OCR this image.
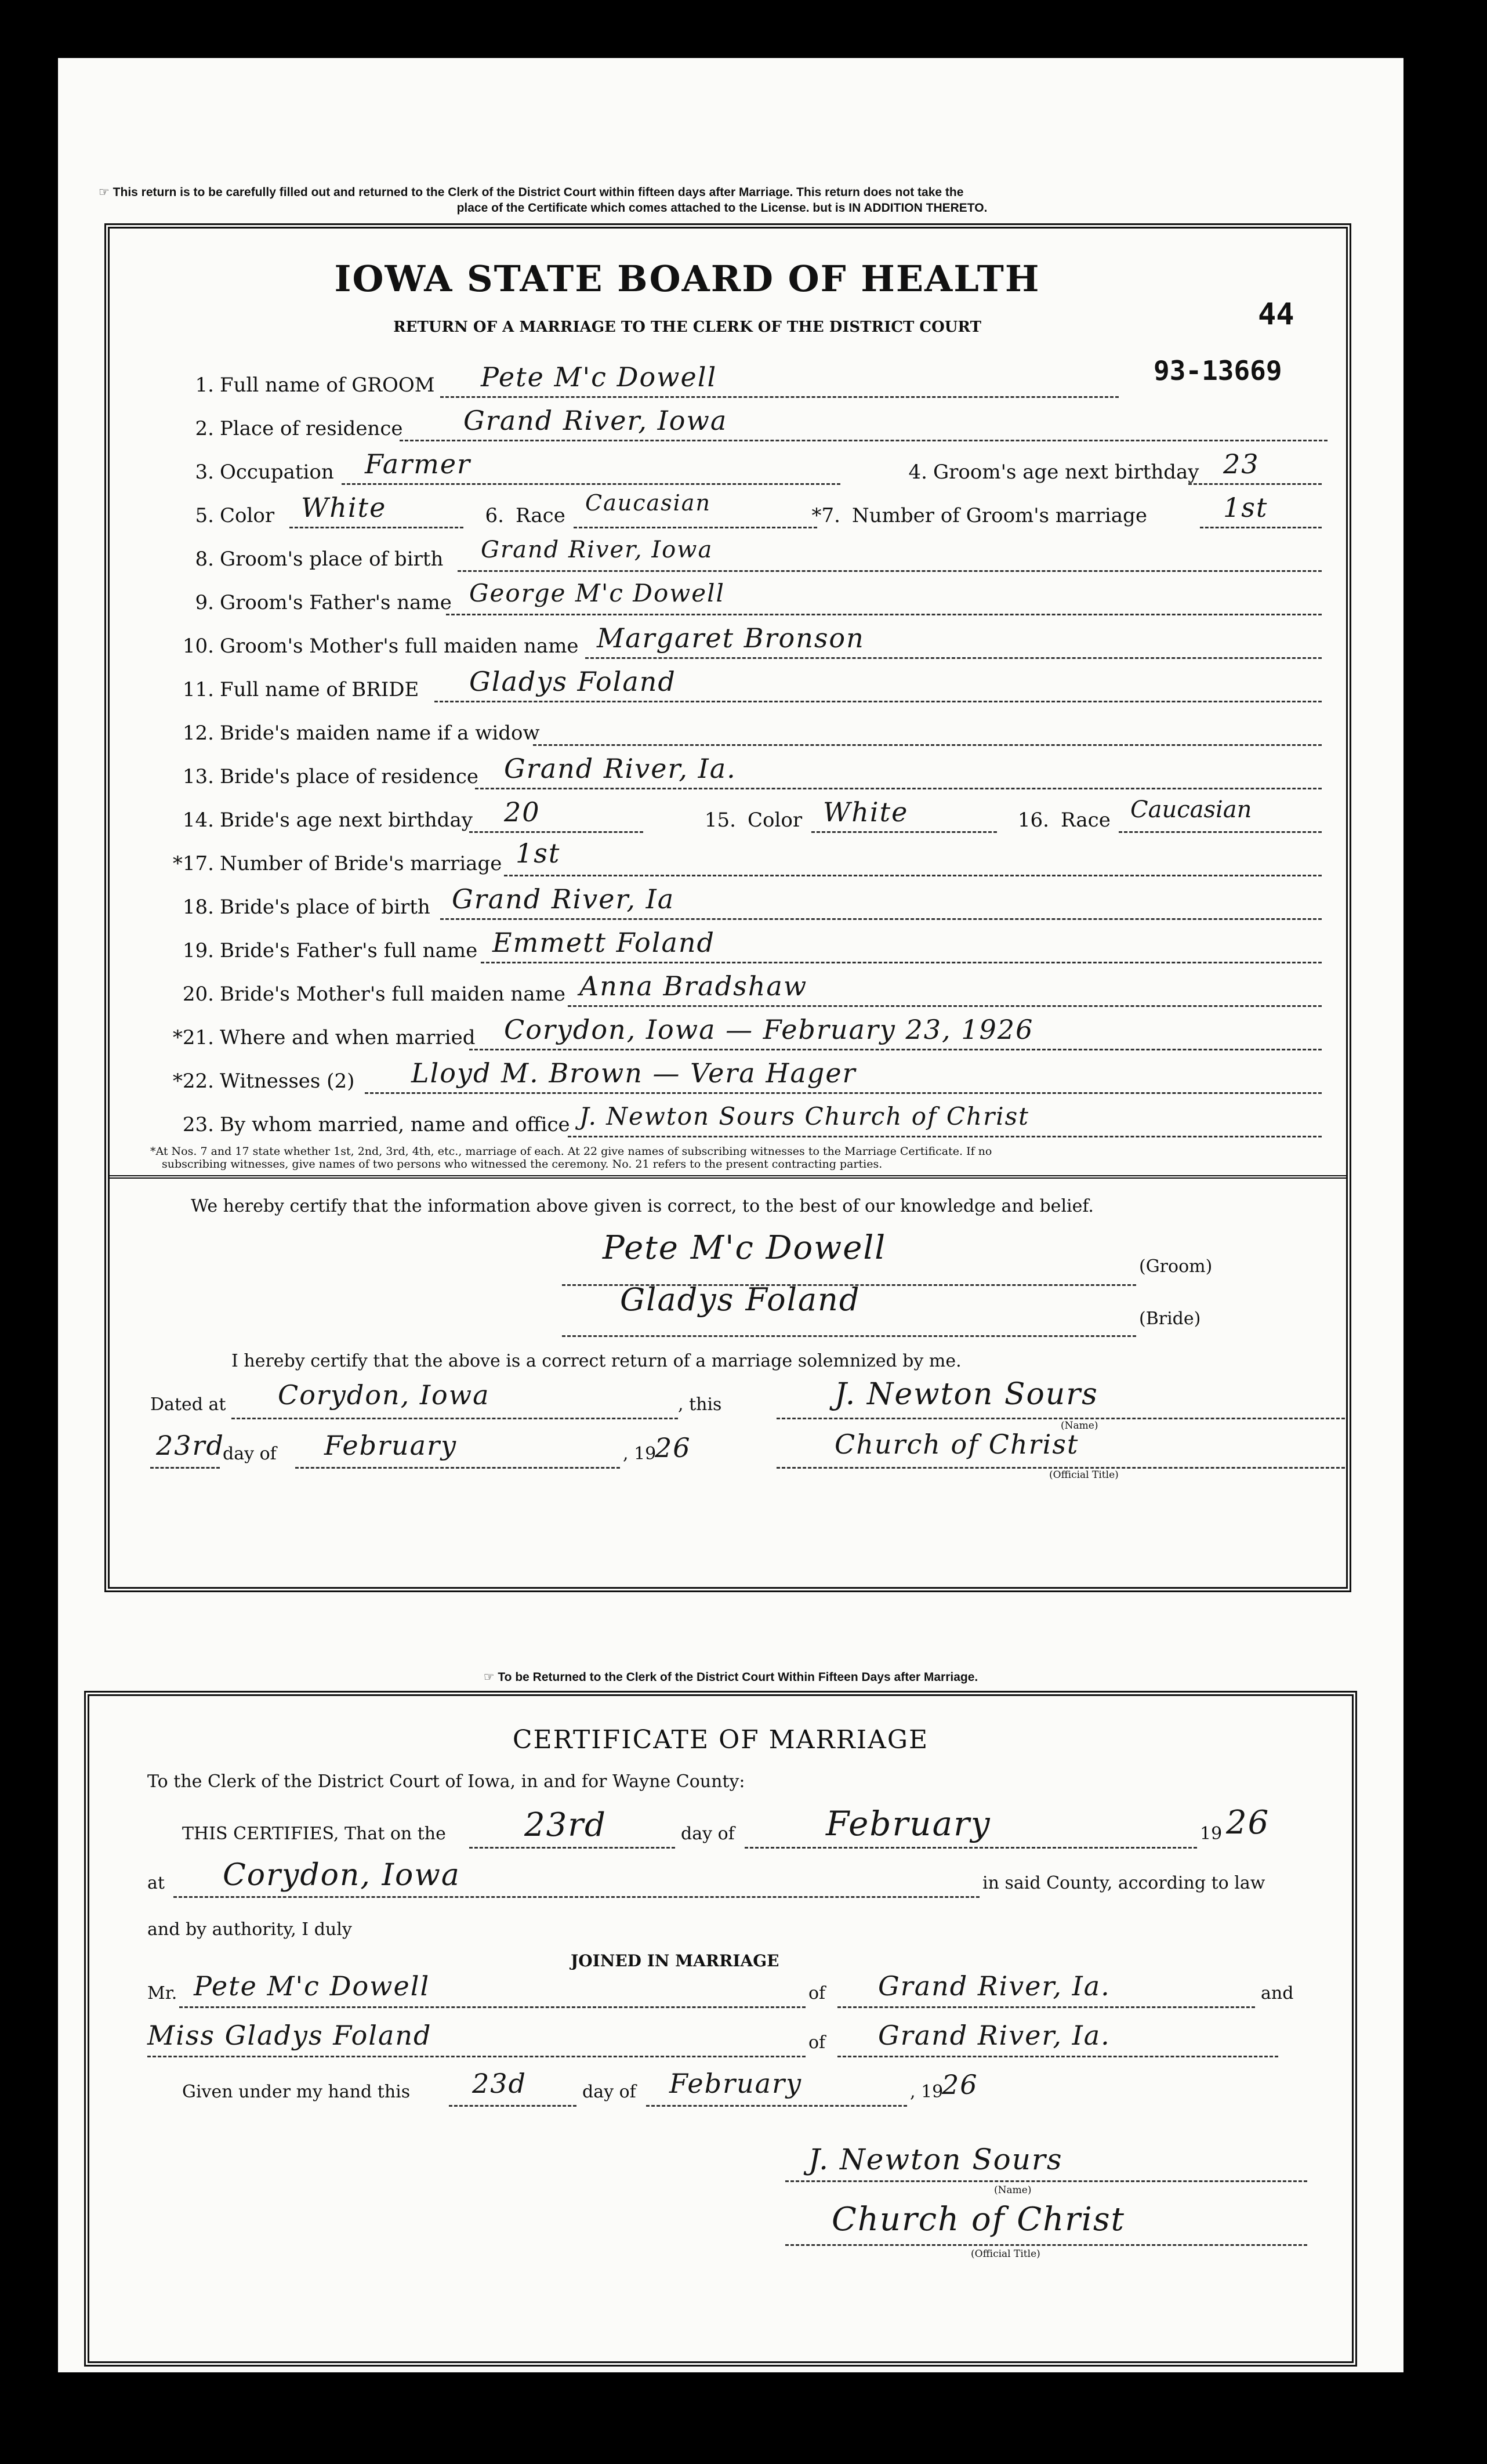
☞ This return is to be carefully filled out and returned to the Clerk of the District Court within fifteen days after Marriage. This return does not take the

place of the Certificate which comes attached to the License. but is IN ADDITION THERETO.
IOWA STATE BOARD OF HEALTH
RETURN OF A MARRIAGE TO THE CLERK OF THE DISTRICT COURT	44
93-13669
1. Full name of GROOM Pete M'c Dowell
2. Place of residence Grand River, Iowa
3. Occupation Farmer	4. Groom's age next birthday 23
5. Color White	6. Race Caucasian	*7. Number of Groom's marriage	1st
8. Groom's place of birth Grand River, Iowa
9. Groom's Father's name George M'c Dowell
10. Groom's Mother's full maiden name Margaret Bronson
11. Full name of BRIDE Gladys Foland
12. Bride's maiden name if a widow
13. Bride's place of residence Grand River, Ia.
14. Bride's age next birthday 20	15. Color White	16. Race Caucasian
*17. Number of Bride's marriage 1st
18. Bride's place of birth Grand River, Ia
19. Bride's Father's full name Emmett Foland
20. Bride's Mother's full maiden name Anna Bradshaw
*21. Where and when married Corydon, Iowa — February 23, 1926
*22. Witnesses (2) Lloyd M. Brown — Vera Hager
23. By whom married, name and office J. Newton Sours Church of Christ
*At Nos. 7 and 17 state whether 1st, 2nd, 3rd, 4th, etc., marriage of each. At 22 give names of subscribing witnesses to the Marriage Certificate. If no
subscribing witnesses, give names of two persons who witnessed the ceremony. No. 21 refers to the present contracting parties.
We hereby certify that the information above given is correct, to the best of our knowledge and belief.
Pete M'c Dowell	(Groom)
Gladys Foland
(Bride)
I hereby certify that the above is a correct return of a marriage solemnized by me.
Dated at Corydon, Iowa	, this	J. Newton Sours
(Name)
23rd
day of February	, 19
26	Church of Christ
(Official Title)
☞ To be Returned to the Clerk of the District Court Within Fifteen Days after Marriage.
CERTIFICATE OF MARRIAGE
To the Clerk of the District Court of Iowa, in and for Wayne County:
THIS CERTIFIES, That on the 23rd	day of	February	19 26
at Corydon, Iowa	in said County, according to law
and by authority, I duly
JOINED IN MARRIAGE
Mr. Pete M'c Dowell	of Grand River, Ia.	and
Miss Gladys Foland	of Grand River, Ia.
Given under my hand this 23d	day of February	, 19
26
J. Newton Sours
(Name)
Church of Christ
(Official Title)
